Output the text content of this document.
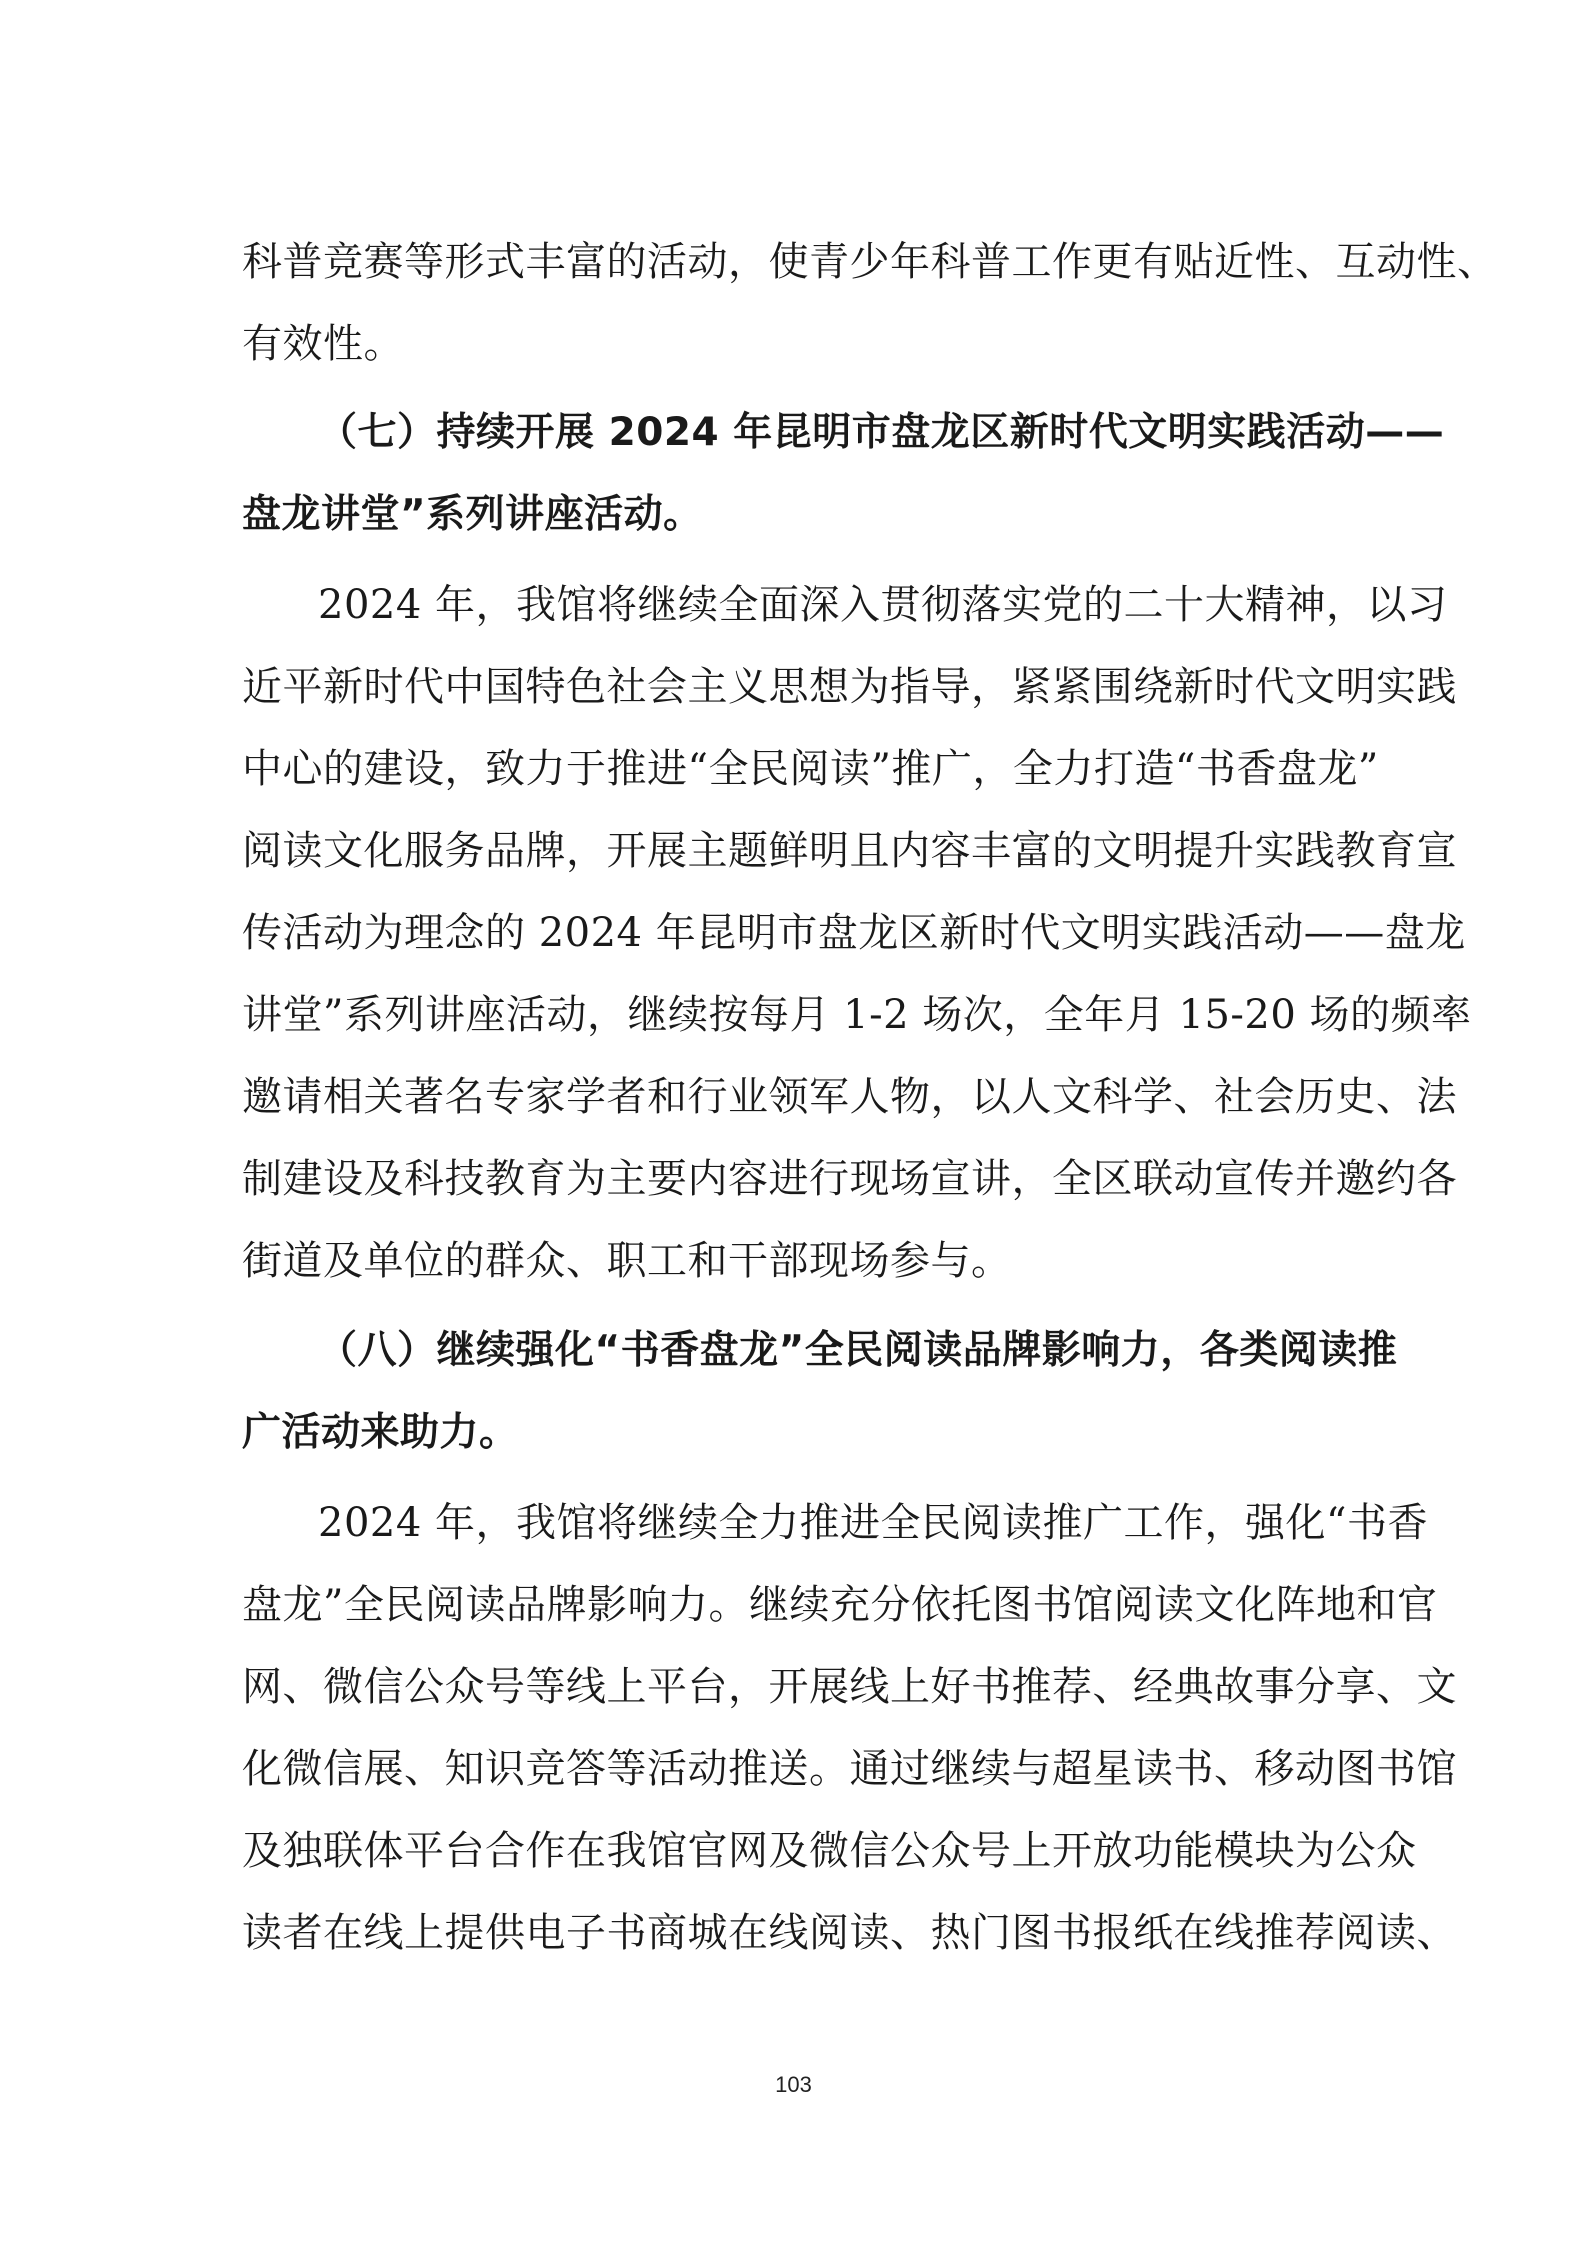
科普竞赛等形式丰富的活动，使青少年科普工作更有贴近性、互动性、
有效性。
（七）持续开展 2024 年昆明市盘龙区新时代文明实践活动——
盘龙讲堂”系列讲座活动。
2024 年，我馆将继续全面深入贯彻落实党的二十大精神，以习
近平新时代中国特色社会主义思想为指导，紧紧围绕新时代文明实践
中心的建设，致力于推进“全民阅读”推广，全力打造“书香盘龙”
阅读文化服务品牌，开展主题鲜明且内容丰富的文明提升实践教育宣
传活动为理念的 2024 年昆明市盘龙区新时代文明实践活动——盘龙
讲堂”系列讲座活动，继续按每月 1-2 场次，全年月 15-20 场的频率
邀请相关著名专家学者和行业领军人物，以人文科学、社会历史、法
制建设及科技教育为主要内容进行现场宣讲，全区联动宣传并邀约各
街道及单位的群众、职工和干部现场参与。
（八）继续强化“书香盘龙”全民阅读品牌影响力，各类阅读推
广活动来助力。
2024 年，我馆将继续全力推进全民阅读推广工作，强化“书香
盘龙”全民阅读品牌影响力。继续充分依托图书馆阅读文化阵地和官
网、微信公众号等线上平台，开展线上好书推荐、经典故事分享、文
化微信展、知识竞答等活动推送。通过继续与超星读书、移动图书馆
及独联体平台合作在我馆官网及微信公众号上开放功能模块为公众
读者在线上提供电子书商城在线阅读、热门图书报纸在线推荐阅读、
103
